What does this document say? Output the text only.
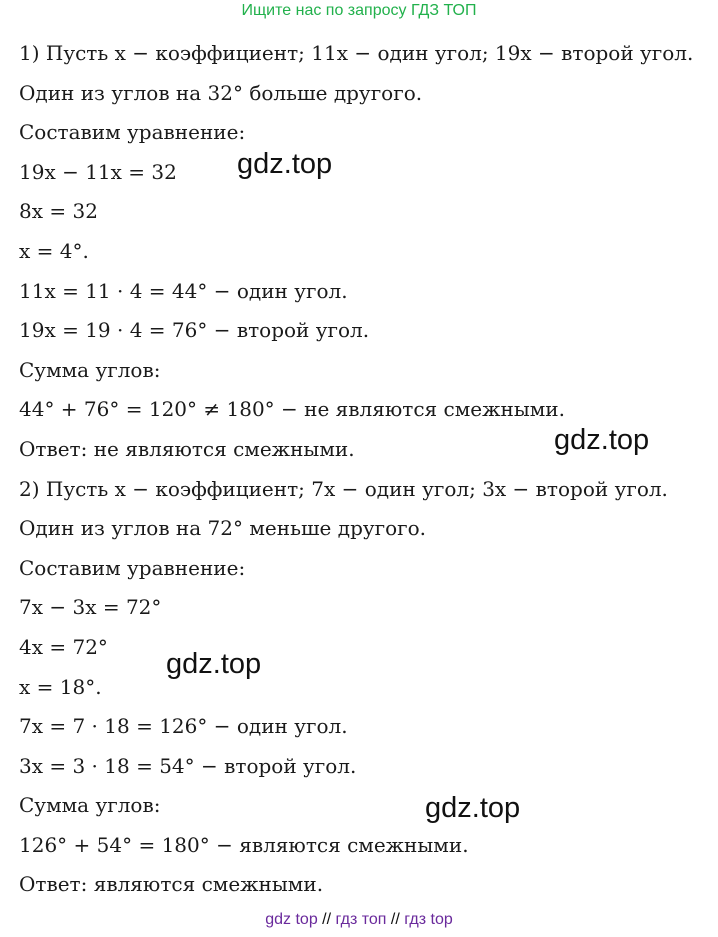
Ищите нас по запросу ГДЗ ТОП
1) Пусть x − коэффициент; 11x − один угол; 19x − второй угол.
Один из углов на 32° больше другого.
Составим уравнение:
19x − 11x = 32
8x = 32
x = 4°.
11x = 11 · 4 = 44° − один угол.
19x = 19 · 4 = 76° − второй угол.
Сумма углов:
44° + 76° = 120° ≠ 180° − не являются смежными.
Ответ: не являются смежными.
2) Пусть x − коэффициент; 7x − один угол; 3x − второй угол.
Один из углов на 72° меньше другого.
Составим уравнение:
7x − 3x = 72°
4x = 72°
x = 18°.
7x = 7 · 18 = 126° − один угол.
3x = 3 · 18 = 54° − второй угол.
Сумма углов:
126° + 54° = 180° − являются смежными.
Ответ: являются смежными.
gdz.top
gdz.top
gdz.top
gdz.top
gdz top // гдз топ // гдз top
